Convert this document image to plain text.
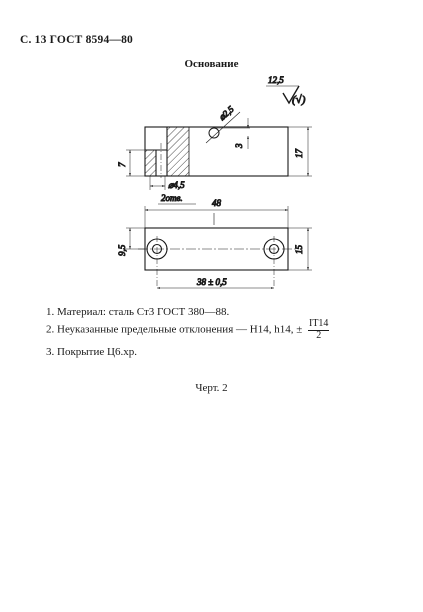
С. 13 ГОСТ 8594—80
Основание
12,5
(√)
⌀2,5
3
17
7
⌀4,5
2отв.	48
9,5	15
38 ± 0,5
1. Материал: сталь Ст3 ГОСТ 380—88.
2. Неуказанные предельные отклонения — H14, h14, ± $\frac{IT14}{2}$
3. Покрытие Ц6.хр.
Черт. 2
